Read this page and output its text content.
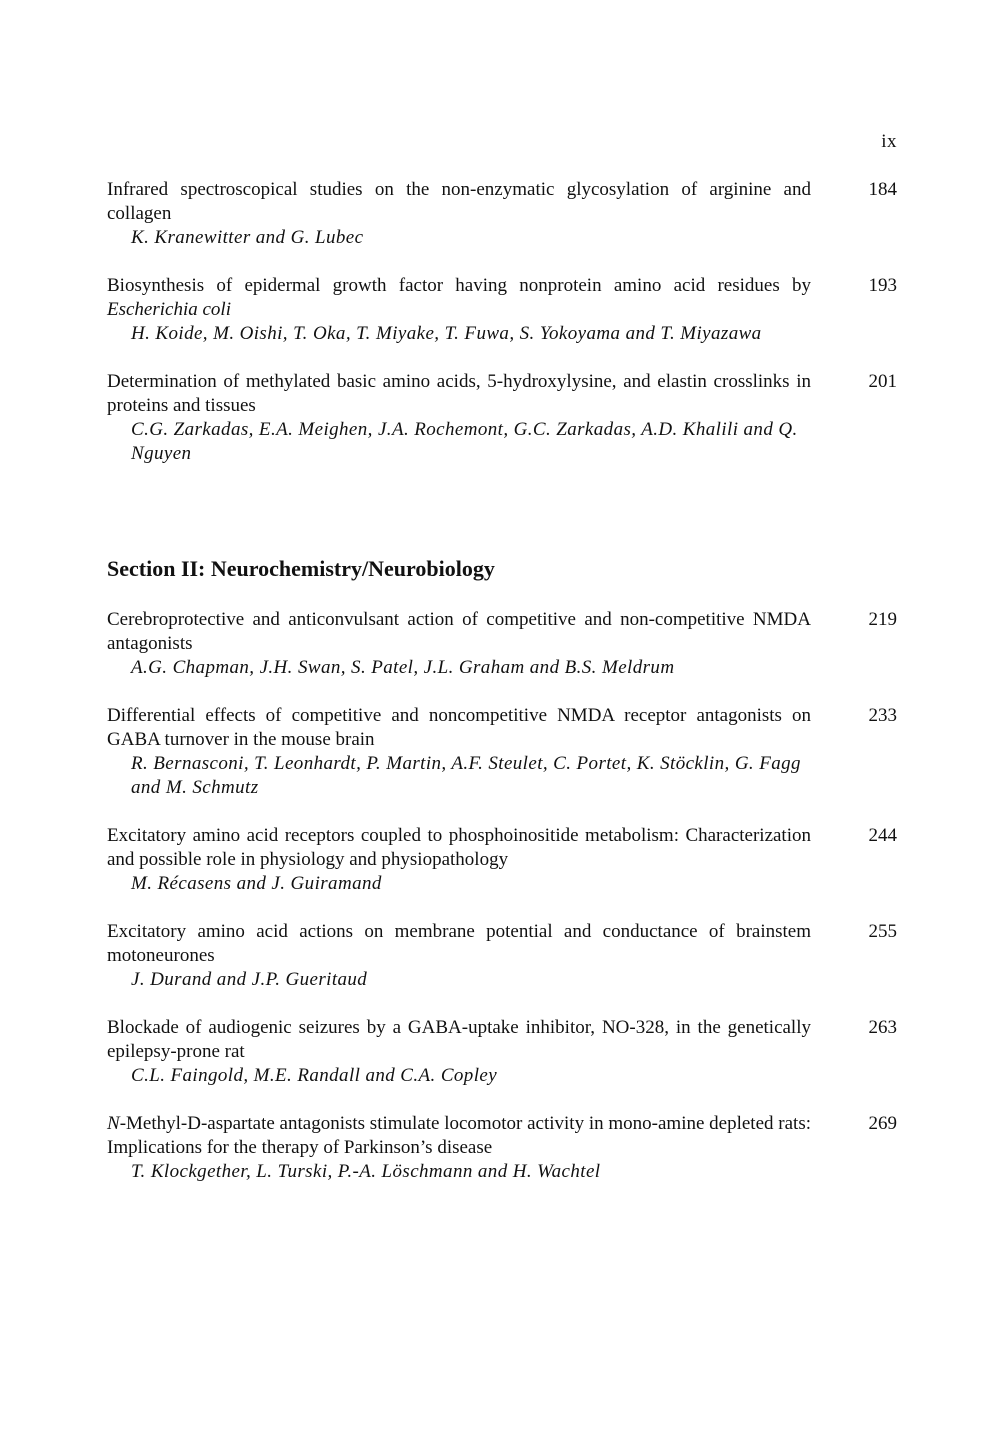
ix
Infrared spectroscopical studies on the non-enzymatic glycosylation of arginine and collagen
K. Kranewitter and G. Lubec
184
Biosynthesis of epidermal growth factor having nonprotein amino acid residues by Escherichia coli
H. Koide, M. Oishi, T. Oka, T. Miyake, T. Fuwa, S. Yokoyama and T. Miyazawa
193
Determination of methylated basic amino acids, 5-hydroxylysine, and elastin crosslinks in proteins and tissues
C.G. Zarkadas, E.A. Meighen, J.A. Rochemont, G.C. Zarkadas, A.D. Khalili and Q. Nguyen
201
Section II: Neurochemistry/Neurobiology
Cerebroprotective and anticonvulsant action of competitive and non-competitive NMDA antagonists
A.G. Chapman, J.H. Swan, S. Patel, J.L. Graham and B.S. Meldrum
219
Differential effects of competitive and noncompetitive NMDA receptor antagonists on GABA turnover in the mouse brain
R. Bernasconi, T. Leonhardt, P. Martin, A.F. Steulet, C. Portet, K. Stöcklin, G. Fagg and M. Schmutz
233
Excitatory amino acid receptors coupled to phosphoinositide metabolism: Characterization and possible role in physiology and physiopathology
M. Récasens and J. Guiramand
244
Excitatory amino acid actions on membrane potential and conductance of brainstem motoneurones
J. Durand and J.P. Gueritaud
255
Blockade of audiogenic seizures by a GABA-uptake inhibitor, NO-328, in the genetically epilepsy-prone rat
C.L. Faingold, M.E. Randall and C.A. Copley
263
N-Methyl-D-aspartate antagonists stimulate locomotor activity in mono-amine depleted rats: Implications for the therapy of Parkinson’s disease
T. Klockgether, L. Turski, P.-A. Löschmann and H. Wachtel
269
